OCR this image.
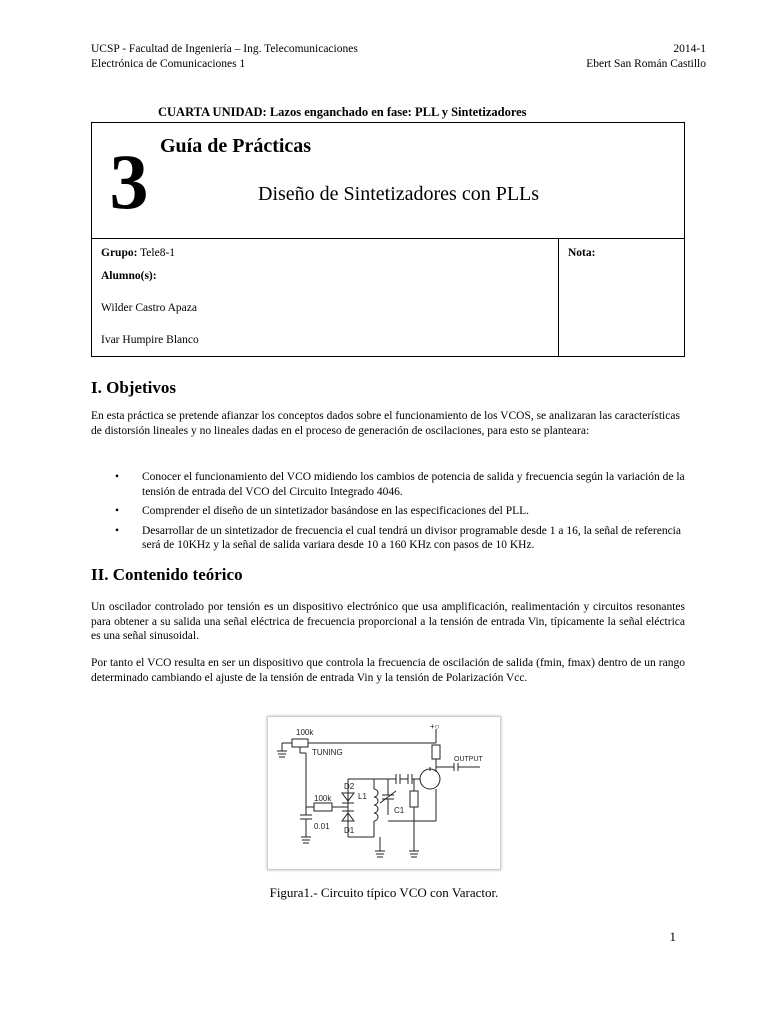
UCSP - Facultad de Ingeniería – Ing. Telecomunicaciones
Electrónica de Comunicaciones 1
2014-1
Ebert San Román Castillo
CUARTA UNIDAD: Lazos enganchado en fase: PLL y Sintetizadores
3 Guía de Prácticas
Diseño de Sintetizadores con PLLs
Grupo: Tele8-1
Alumno(s):
Wilder Castro Apaza
Ivar Humpire Blanco
Nota:
I. Objetivos
En esta práctica se pretende afianzar los conceptos dados sobre el funcionamiento de los VCOS, se analizaran las características de distorsión lineales y no lineales dadas en el proceso de generación de oscilaciones, para esto se planteara:
• Conocer el funcionamiento del VCO midiendo los cambios de potencia de salida y frecuencia según la variación de la tensión de entrada del VCO del Circuito Integrado 4046.
• Comprender el diseño de un sintetizador basándose en las especificaciones del PLL.
• Desarrollar de un sintetizador de frecuencia el cual tendrá un divisor programable desde 1 a 16, la señal de referencia será de 10KHz y la señal de salida variara desde 10 a 160 KHz con pasos de 10 KHz.
II. Contenido teórico
Un oscilador controlado por tensión es un dispositivo electrónico que usa amplificación, realimentación y circuitos resonantes para obtener a su salida una señal eléctrica de frecuencia proporcional a la tensión de entrada Vin, típicamente la señal eléctrica es una señal sinusoidal.
Por tanto el VCO resulta en ser un dispositivo que controla la frecuencia de oscilación de salida (fmin, fmax) dentro de un rango determinado cambiando el ajuste de la tensión de entrada Vin y la tensión de Polarización Vcc.
100k
TUNING
+○
OUTPUT
D2
L1
100k
C1
0.01 D1
Figura1.- Circuito típico VCO con Varactor.
1
